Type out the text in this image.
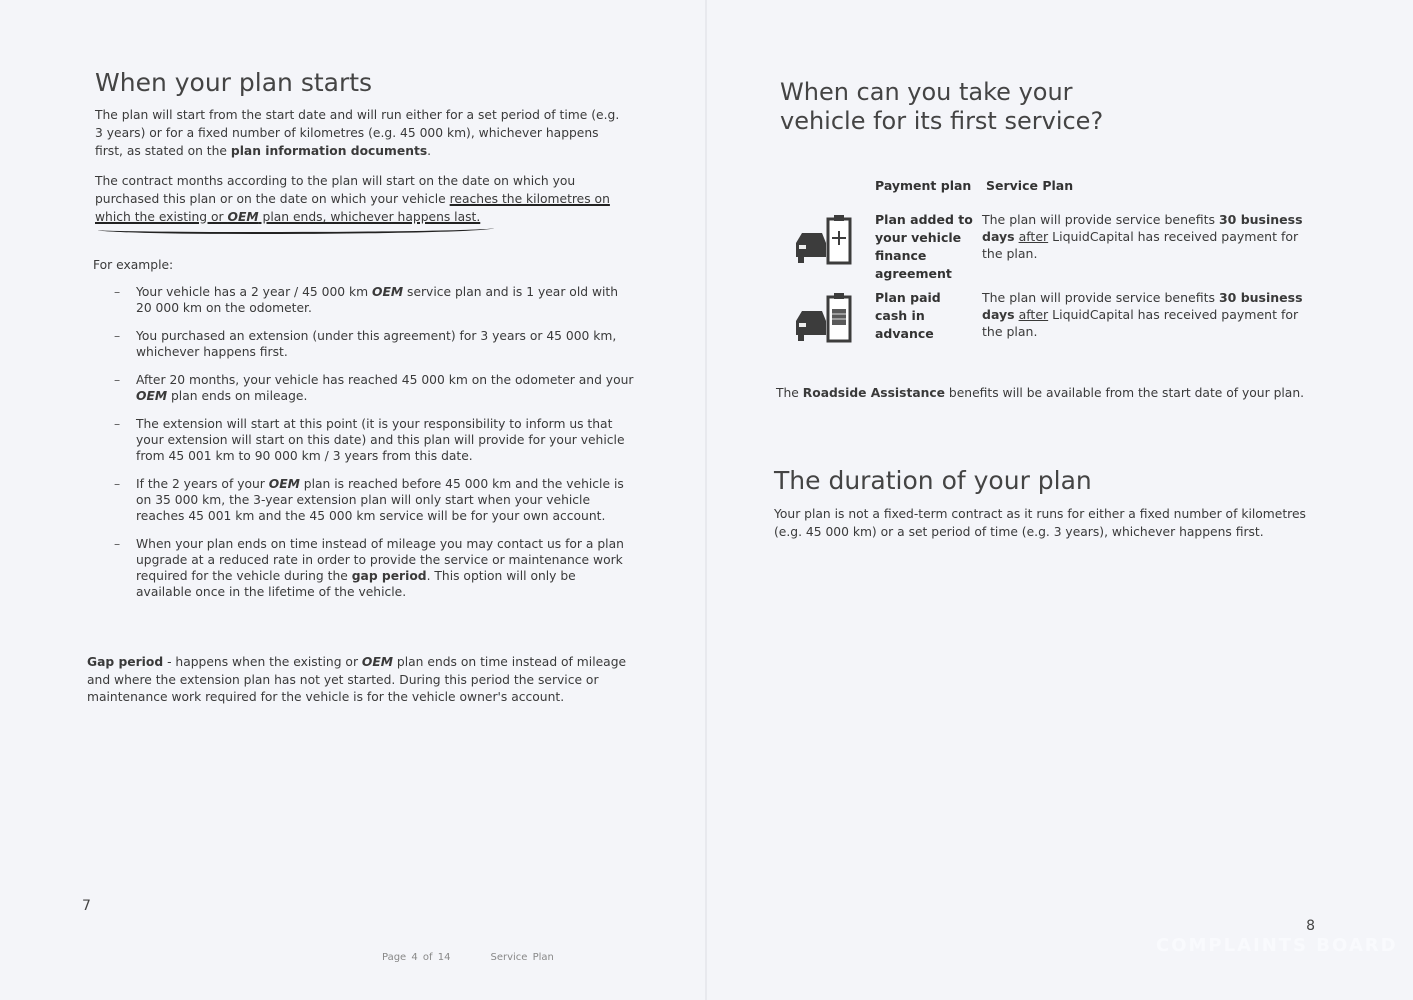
When your plan starts

The plan will start from the start date and will run either for a set period of time (e.g. 3 years) or for a fixed number of kilometres (e.g. 45 000 km), whichever happens first, as stated on the plan information documents.

The contract months according to the plan will start on the date on which you purchased this plan or on the date on which your vehicle reaches the kilometres on which the existing or OEM plan ends, whichever happens last.

For example:

– Your vehicle has a 2 year / 45 000 km OEM service plan and is 1 year old with 20 000 km on the odometer.
– You purchased an extension (under this agreement) for 3 years or 45 000 km, whichever happens first.
– After 20 months, your vehicle has reached 45 000 km on the odometer and your OEM plan ends on mileage.
– The extension will start at this point (it is your responsibility to inform us that your extension will start on this date) and this plan will provide for your vehicle from 45 001 km to 90 000 km / 3 years from this date.
– If the 2 years of your OEM plan is reached before 45 000 km and the vehicle is on 35 000 km, the 3-year extension plan will only start when your vehicle reaches 45 001 km and the 45 000 km service will be for your own account.
– When your plan ends on time instead of mileage you may contact us for a plan upgrade at a reduced rate in order to provide the service or maintenance work required for the vehicle during the gap period. This option will only be available once in the lifetime of the vehicle.

Gap period - happens when the existing or OEM plan ends on time instead of mileage and where the extension plan has not yet started. During this period the service or maintenance work required for the vehicle is for the vehicle owner's account.

7
Page 4 of 14	Service Plan
When can you take your
vehicle for its first service?
Payment plan Service Plan
Plan added to your vehicle finance agreement
The plan will provide service benefits 30 business days after LiquidCapital has received payment for the plan.
Plan paid cash in advance
The plan will provide service benefits 30 business days after LiquidCapital has received payment for the plan.

The Roadside Assistance benefits will be available from the start date of your plan.

The duration of your plan

Your plan is not a fixed-term contract as it runs for either a fixed number of kilometres (e.g. 45 000 km) or a set period of time (e.g. 3 years), whichever happens first.

8
COMPLAINTS BOARD
